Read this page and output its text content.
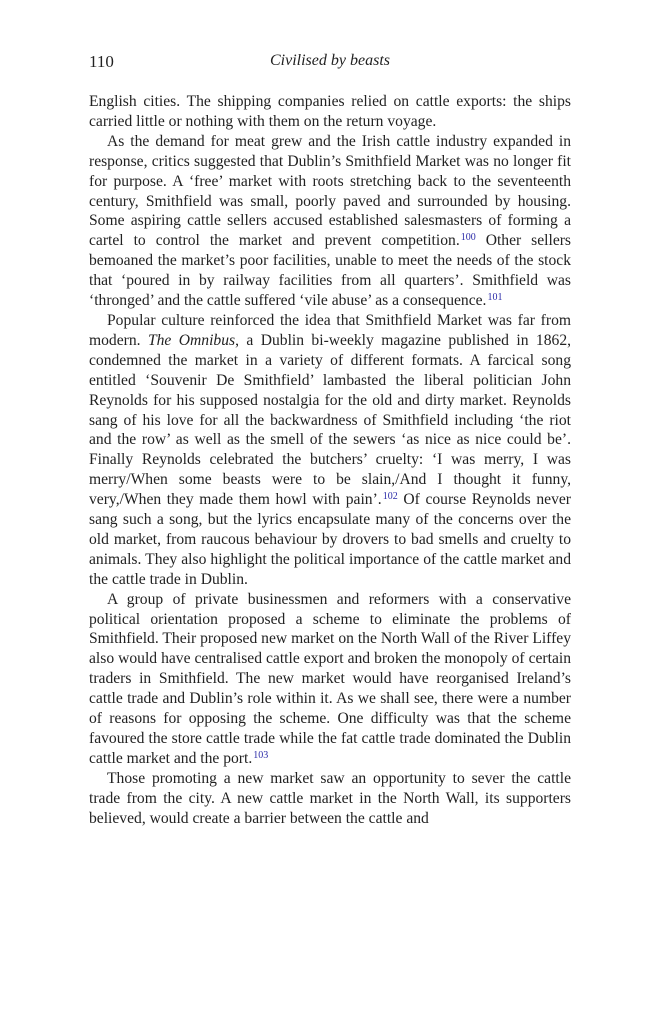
110	Civilised by beasts

English cities. The shipping companies relied on cattle exports: the ships carried little or nothing with them on the return voyage.

As the demand for meat grew and the Irish cattle industry expanded in response, critics suggested that Dublin’s Smithfield Market was no longer fit for purpose. A ‘free’ market with roots stretching back to the seventeenth century, Smithfield was small, poorly paved and surrounded by housing. Some aspiring cattle sellers accused established salesmasters of forming a cartel to control the market and prevent competition.$^{100}$ Other sellers bemoaned the market’s poor facilities, unable to meet the needs of the stock that ‘poured in by railway facilities from all quarters’. Smithfield was ‘thronged’ and the cattle suffered ‘vile abuse’ as a consequence.$^{101}$

Popular culture reinforced the idea that Smithfield Market was far from modern. The Omnibus, a Dublin bi-weekly magazine published in 1862, condemned the market in a variety of different formats. A farcical song entitled ‘Souvenir De Smithfield’ lambasted the liberal politician John Reynolds for his supposed nostalgia for the old and dirty market. Reynolds sang of his love for all the backwardness of Smithfield including ‘the riot and the row’ as well as the smell of the sewers ‘as nice as nice could be’. Finally Reynolds celebrated the butchers’ cruelty: ‘I was merry, I was merry/When some beasts were to be slain,/And I thought it funny, very,/When they made them howl with pain’.$^{102}$ Of course Reynolds never sang such a song, but the lyrics encapsulate many of the concerns over the old market, from raucous behaviour by drovers to bad smells and cruelty to animals. They also highlight the political importance of the cattle market and the cattle trade in Dublin.

A group of private businessmen and reformers with a conservative political orientation proposed a scheme to eliminate the problems of Smithfield. Their proposed new market on the North Wall of the River Liffey also would have centralised cattle export and broken the monopoly of certain traders in Smithfield. The new market would have reorganised Ireland’s cattle trade and Dublin’s role within it. As we shall see, there were a number of reasons for opposing the scheme. One difficulty was that the scheme favoured the store cattle trade while the fat cattle trade dominated the Dublin cattle market and the port.$^{103}$

Those promoting a new market saw an opportunity to sever the cattle trade from the city. A new cattle market in the North Wall, its supporters believed, would create a barrier between the cattle and
